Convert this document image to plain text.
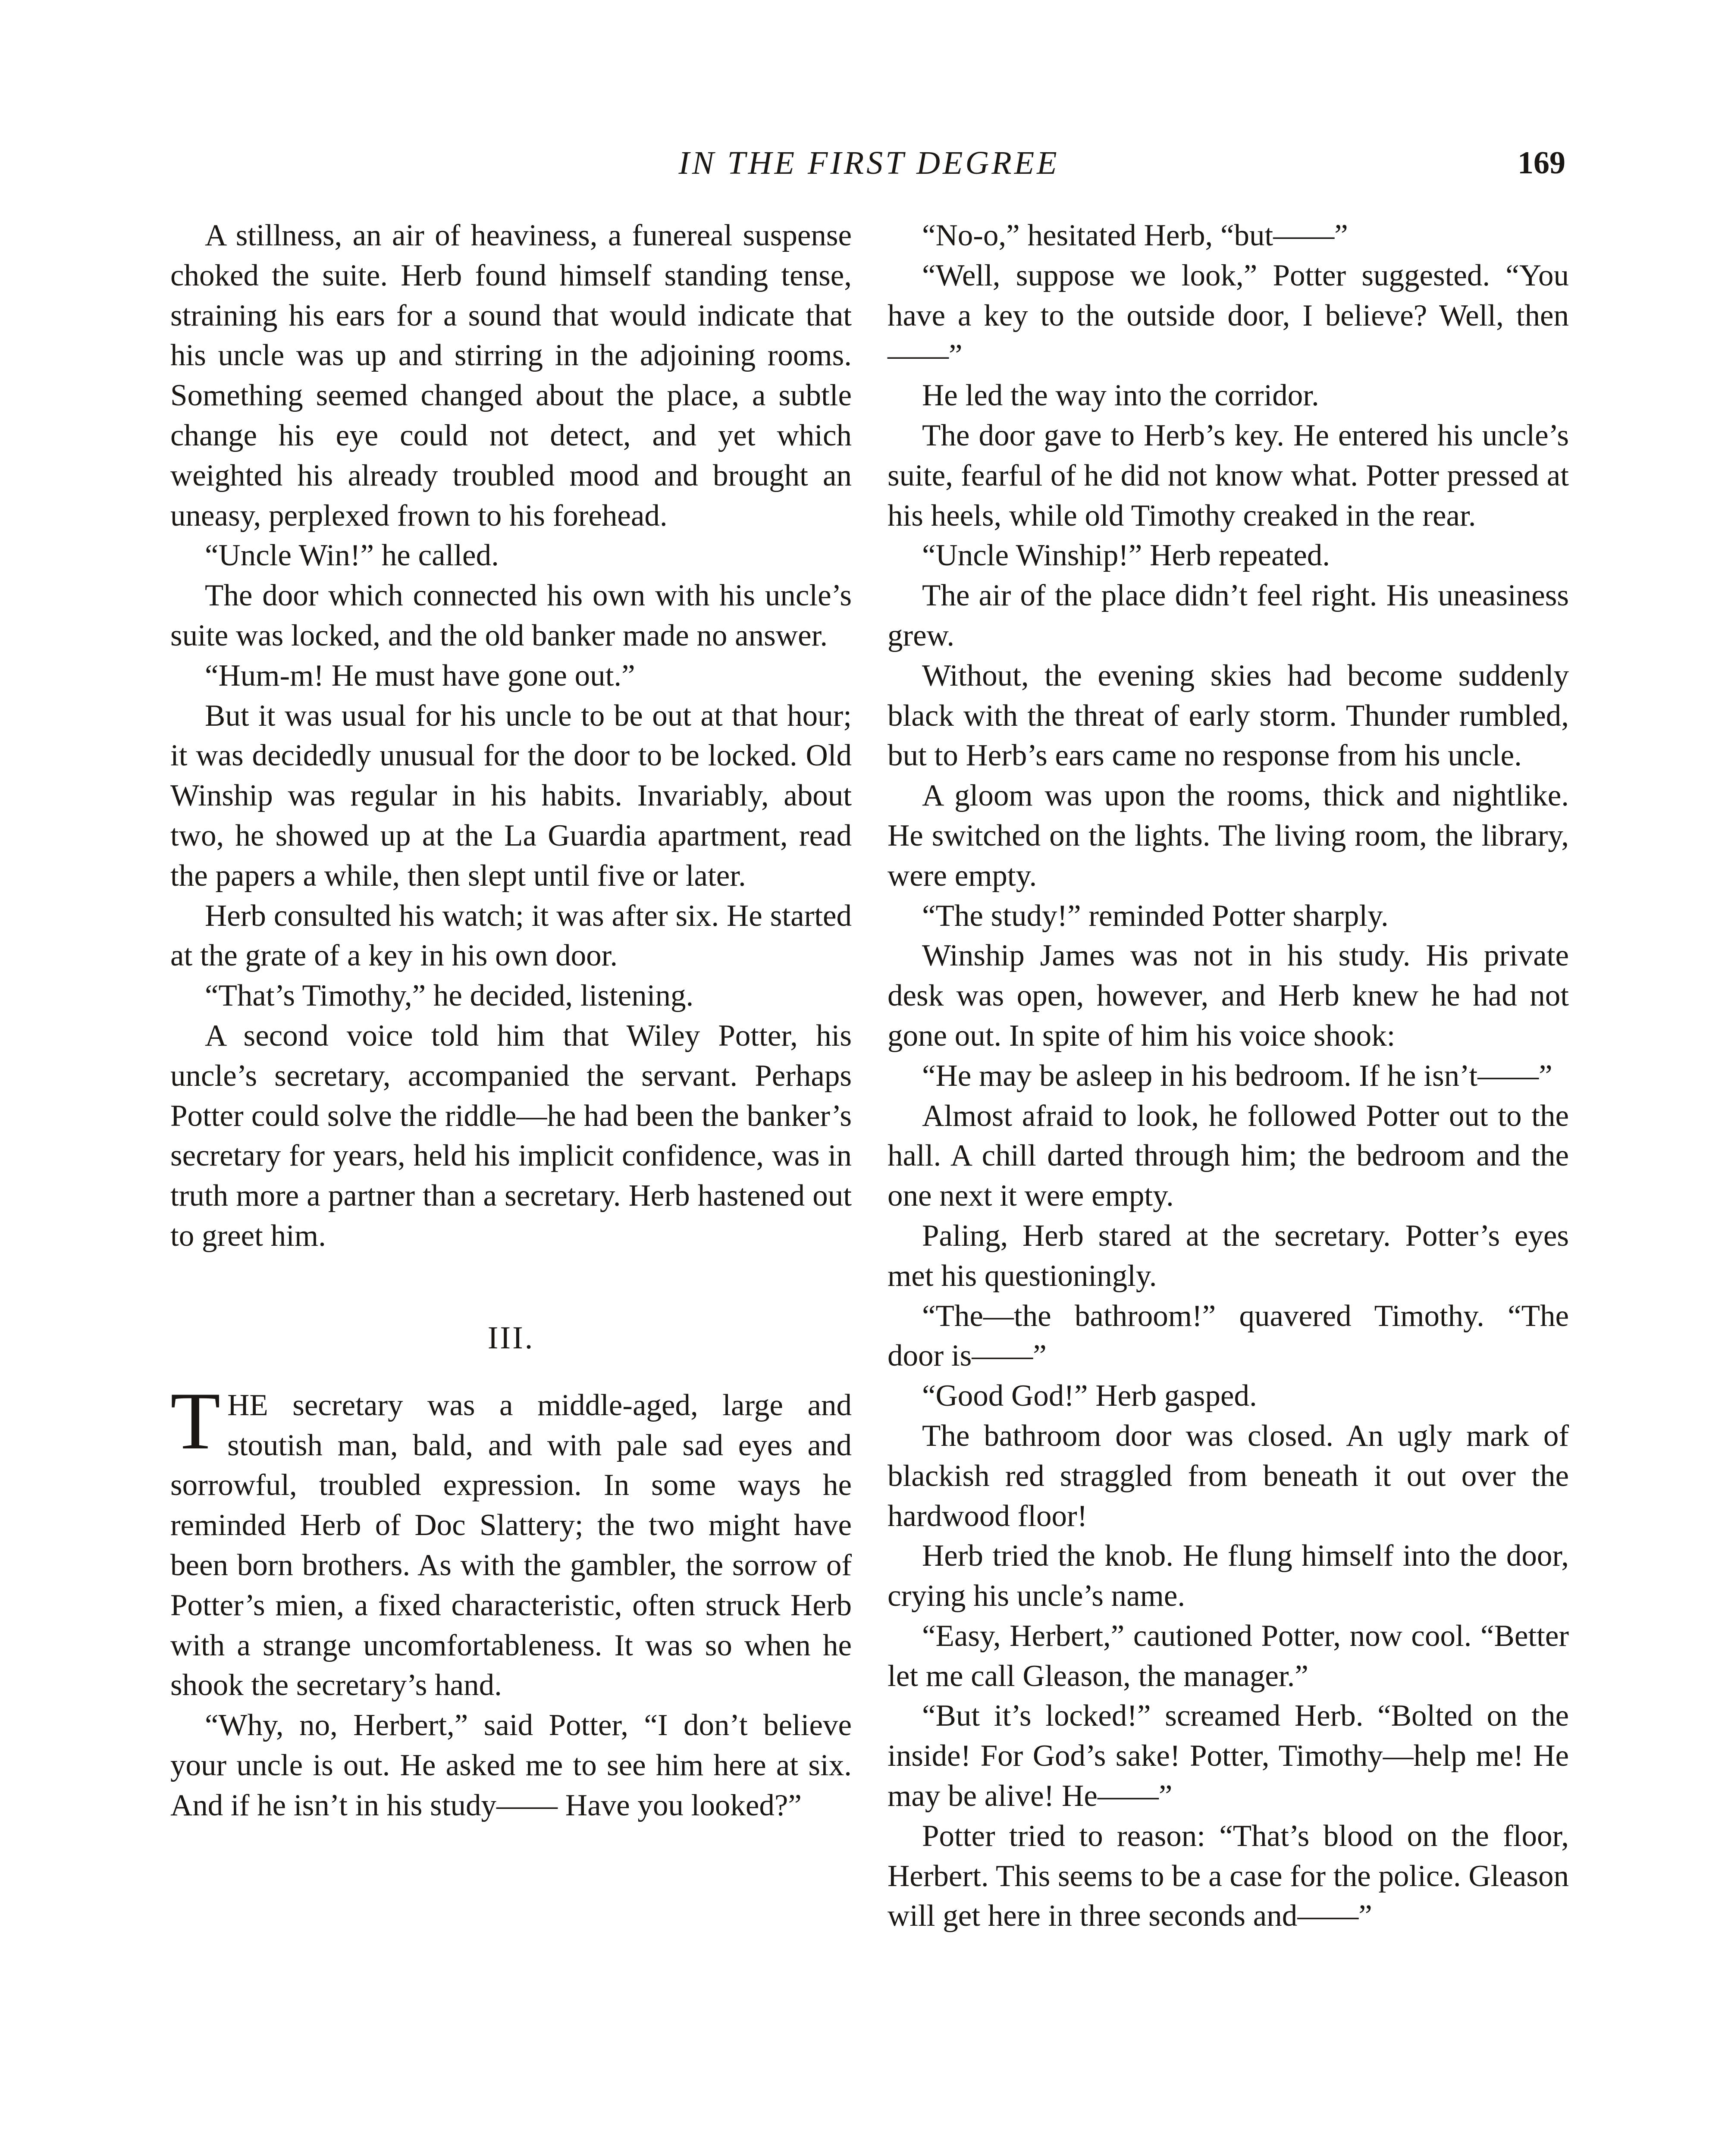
IN THE FIRST DEGREE	169

A stillness, an air of heaviness, a funereal suspense choked the suite. Herb found himself standing tense, straining his ears for a sound that would indicate that his uncle was up and stirring in the adjoining rooms. Something seemed changed about the place, a subtle change his eye could not detect, and yet which weighted his already troubled mood and brought an uneasy, perplexed frown to his forehead.

“Uncle Win!” he called.

The door which connected his own with his uncle’s suite was locked, and the old banker made no answer.

“Hum-m! He must have gone out.”

But it was usual for his uncle to be out at that hour; it was decidedly unusual for the door to be locked. Old Winship was regular in his habits. Invariably, about two, he showed up at the La Guardia apartment, read the papers a while, then slept until five or later.

Herb consulted his watch; it was after six. He started at the grate of a key in his own door.

“That’s Timothy,” he decided, listening.

A second voice told him that Wiley Potter, his uncle’s secretary, accompanied the servant. Perhaps Potter could solve the riddle—he had been the banker’s secretary for years, held his implicit confidence, was in truth more a partner than a secretary. Herb hastened out to greet him.

III.

THE secretary was a middle-aged, large and stoutish man, bald, and with pale sad eyes and sorrowful, troubled expression. In some ways he reminded Herb of Doc Slattery; the two might have been born brothers. As with the gambler, the sorrow of Potter’s mien, a fixed characteristic, often struck Herb with a strange uncomfortableness. It was so when he shook the secretary’s hand.

“Why, no, Herbert,” said Potter, “I don’t believe your uncle is out. He asked me to see him here at six. And if he isn’t in his study—— Have you looked?”

“No-o,” hesitated Herb, “but——”

“Well, suppose we look,” Potter suggested. “You have a key to the outside door, I believe? Well, then——”

He led the way into the corridor.

The door gave to Herb’s key. He entered his uncle’s suite, fearful of he did not know what. Potter pressed at his heels, while old Timothy creaked in the rear.

“Uncle Winship!” Herb repeated.

The air of the place didn’t feel right. His uneasiness grew.

Without, the evening skies had become suddenly black with the threat of early storm. Thunder rumbled, but to Herb’s ears came no response from his uncle.

A gloom was upon the rooms, thick and nightlike. He switched on the lights. The living room, the library, were empty.

“The study!” reminded Potter sharply.

Winship James was not in his study. His private desk was open, however, and Herb knew he had not gone out. In spite of him his voice shook:

“He may be asleep in his bedroom. If he isn’t——”

Almost afraid to look, he followed Potter out to the hall. A chill darted through him; the bedroom and the one next it were empty.

Paling, Herb stared at the secretary. Potter’s eyes met his questioningly.

“The—the bathroom!” quavered Timothy. “The door is——”

“Good God!” Herb gasped.

The bathroom door was closed. An ugly mark of blackish red straggled from beneath it out over the hardwood floor!

Herb tried the knob. He flung himself into the door, crying his uncle’s name.

“Easy, Herbert,” cautioned Potter, now cool. “Better let me call Gleason, the manager.”

“But it’s locked!” screamed Herb. “Bolted on the inside! For God’s sake! Potter, Timothy—help me! He may be alive! He——”

Potter tried to reason: “That’s blood on the floor, Herbert. This seems to be a case for the police. Gleason will get here in three seconds and——”
